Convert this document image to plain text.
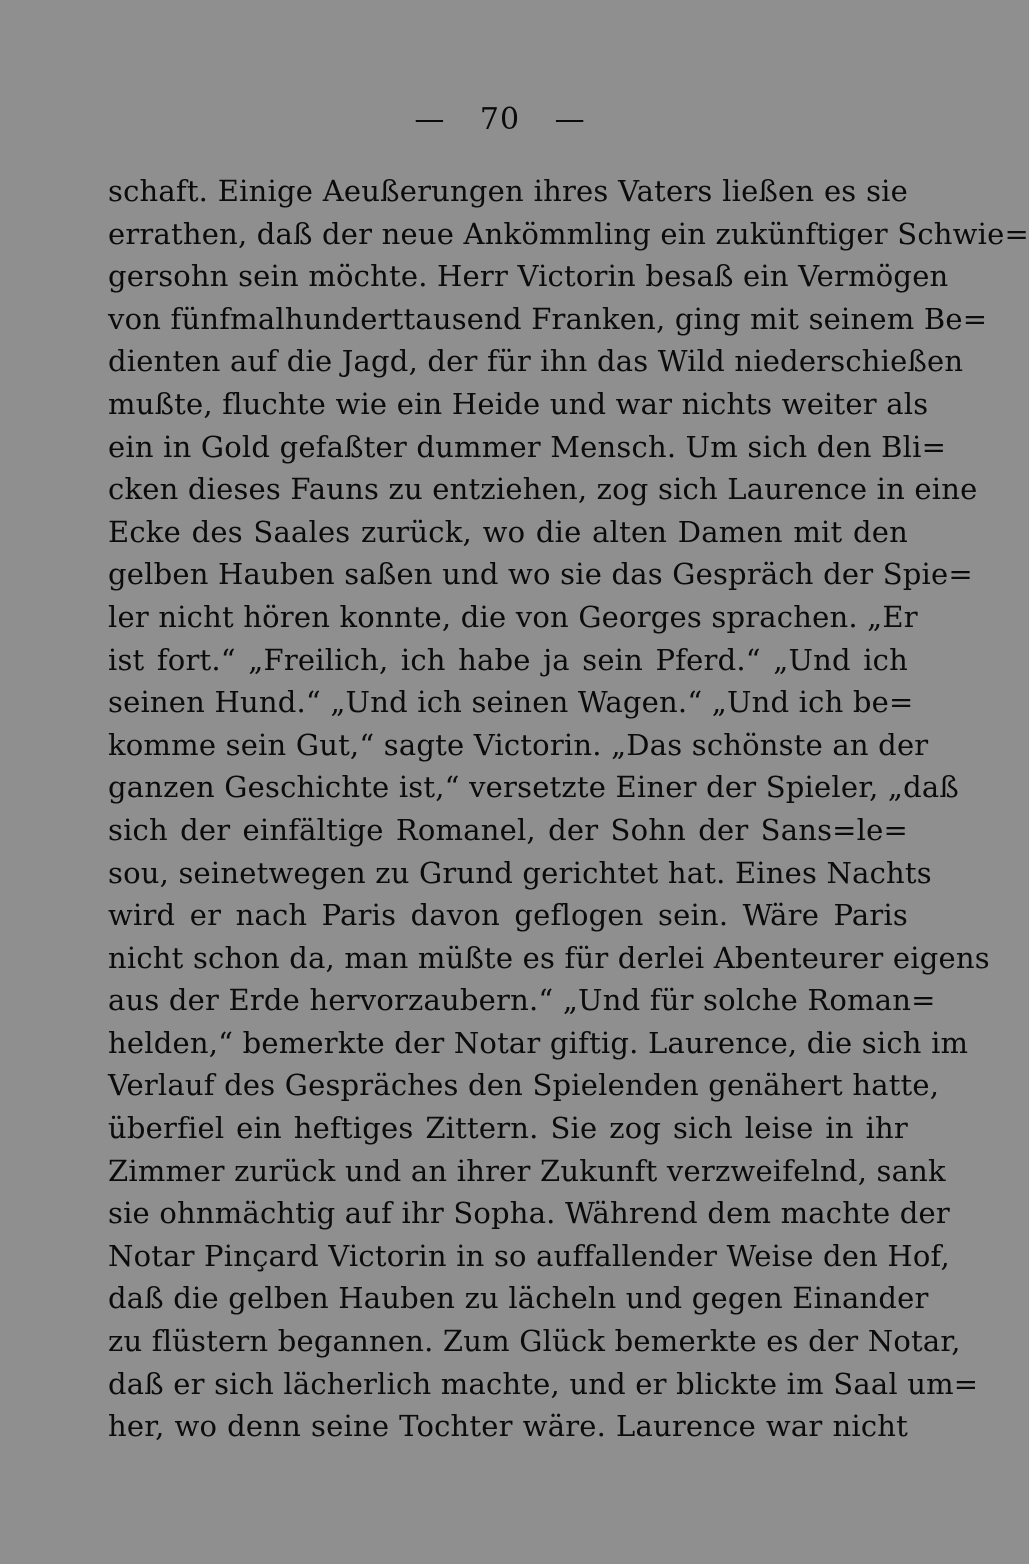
— 70 —
schaft. Einige Aeußerungen ihres Vaters ließen es sie
errathen, daß der neue Ankömmling ein zukünftiger Schwie=
gersohn sein möchte. Herr Victorin besaß ein Vermögen
von fünfmalhunderttausend Franken, ging mit seinem Be=
dienten auf die Jagd, der für ihn das Wild niederschießen
mußte, fluchte wie ein Heide und war nichts weiter als
ein in Gold gefaßter dummer Mensch. Um sich den Bli=
cken dieses Fauns zu entziehen, zog sich Laurence in eine
Ecke des Saales zurück, wo die alten Damen mit den
gelben Hauben saßen und wo sie das Gespräch der Spie=
ler nicht hören konnte, die von Georges sprachen. „Er
ist fort.“ „Freilich, ich habe ja sein Pferd.“ „Und ich
seinen Hund.“ „Und ich seinen Wagen.“ „Und ich be=
komme sein Gut,“ sagte Victorin. „Das schönste an der
ganzen Geschichte ist,“ versetzte Einer der Spieler, „daß
sich der einfältige Romanel, der Sohn der Sans=le=
sou, seinetwegen zu Grund gerichtet hat. Eines Nachts
wird er nach Paris davon geflogen sein. Wäre Paris
nicht schon da, man müßte es für derlei Abenteurer eigens
aus der Erde hervorzaubern.“ „Und für solche Roman=
helden,“ bemerkte der Notar giftig. Laurence, die sich im
Verlauf des Gespräches den Spielenden genähert hatte,
überfiel ein heftiges Zittern. Sie zog sich leise in ihr
Zimmer zurück und an ihrer Zukunft verzweifelnd, sank
sie ohnmächtig auf ihr Sopha. Während dem machte der
Notar Pinçard Victorin in so auffallender Weise den Hof,
daß die gelben Hauben zu lächeln und gegen Einander
zu flüstern begannen. Zum Glück bemerkte es der Notar,
daß er sich lächerlich machte, und er blickte im Saal um=
her, wo denn seine Tochter wäre. Laurence war nicht
